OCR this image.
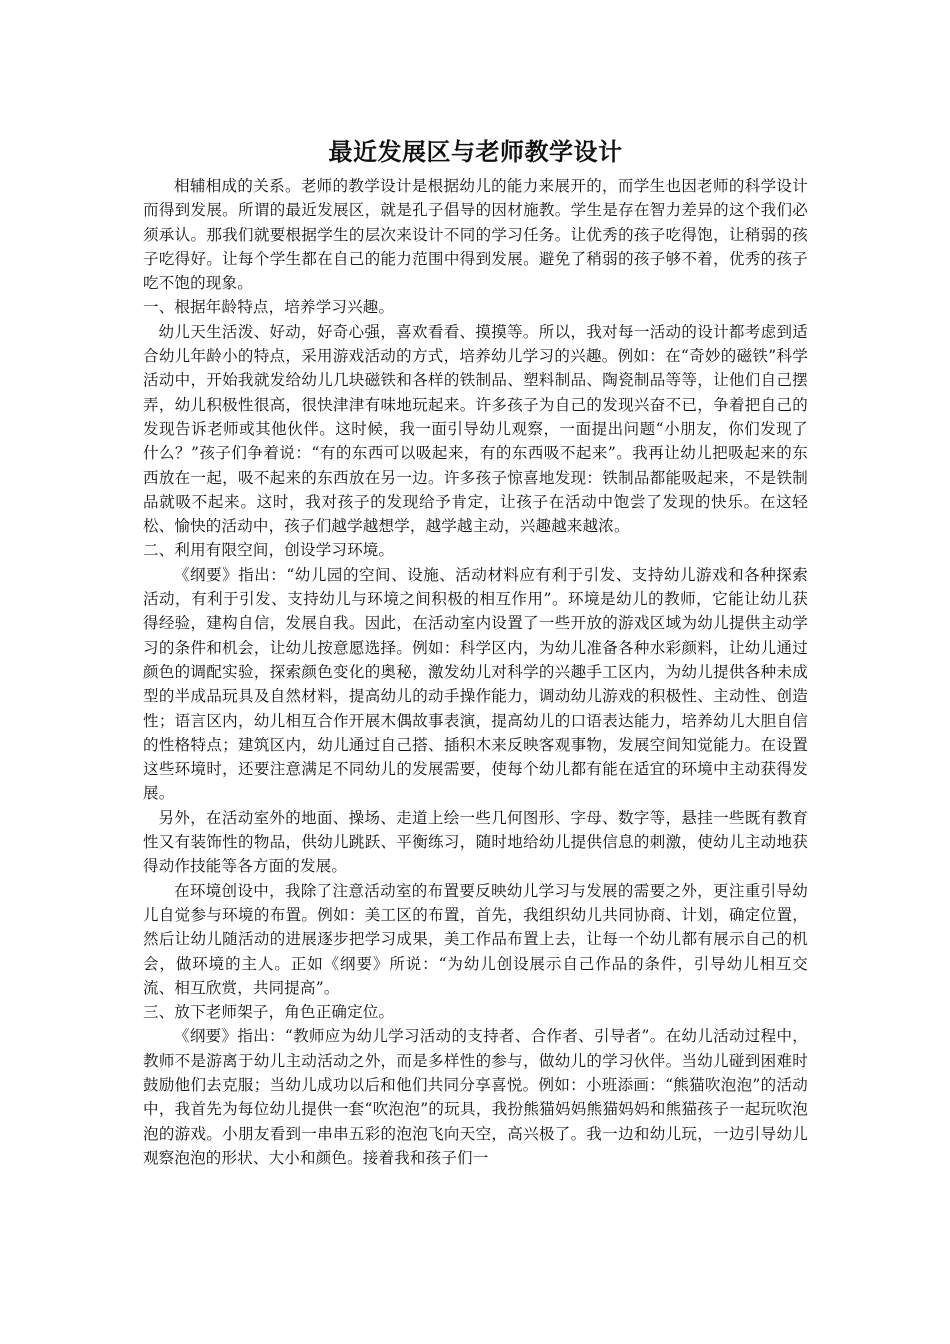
最近发展区与老师教学设计

相辅相成的关系。老师的教学设计是根据幼儿的能力来展开的，而学生也因老师的科学设计而得到发展。所谓的最近发展区，就是孔子倡导的因材施教。学生是存在智力差异的这个我们必须承认。那我们就要根据学生的层次来设计不同的学习任务。让优秀的孩子吃得饱，让稍弱的孩子吃得好。让每个学生都在自己的能力范围中得到发展。避免了稍弱的孩子够不着，优秀的孩子吃不饱的现象。

一、根据年龄特点，培养学习兴趣。

幼儿天生活泼、好动，好奇心强，喜欢看看、摸摸等。所以，我对每一活动的设计都考虑到适合幼儿年龄小的特点，采用游戏活动的方式，培养幼儿学习的兴趣。例如：在“奇妙的磁铁”科学活动中，开始我就发给幼儿几块磁铁和各样的铁制品、塑料制品、陶瓷制品等等，让他们自己摆弄，幼儿积极性很高，很快津津有味地玩起来。许多孩子为自己的发现兴奋不已，争着把自己的发现告诉老师或其他伙伴。这时候，我一面引导幼儿观察，一面提出问题“小朋友，你们发现了什么？”孩子们争着说：“有的东西可以吸起来，有的东西吸不起来”。我再让幼儿把吸起来的东西放在一起，吸不起来的东西放在另一边。许多孩子惊喜地发现：铁制品都能吸起来，不是铁制品就吸不起来。这时，我对孩子的发现给予肯定，让孩子在活动中饱尝了发现的快乐。在这轻松、愉快的活动中，孩子们越学越想学，越学越主动，兴趣越来越浓。

二、利用有限空间，创设学习环境。

《纲要》指出：“幼儿园的空间、设施、活动材料应有利于引发、支持幼儿游戏和各种探索活动，有利于引发、支持幼儿与环境之间积极的相互作用”。环境是幼儿的教师，它能让幼儿获得经验，建构自信，发展自我。因此，在活动室内设置了一些开放的游戏区域为幼儿提供主动学习的条件和机会，让幼儿按意愿选择。例如：科学区内，为幼儿准备各种水彩颜料，让幼儿通过颜色的调配实验，探索颜色变化的奥秘，激发幼儿对科学的兴趣手工区内，为幼儿提供各种未成型的半成品玩具及自然材料，提高幼儿的动手操作能力，调动幼儿游戏的积极性、主动性、创造性；语言区内，幼儿相互合作开展木偶故事表演，提高幼儿的口语表达能力，培养幼儿大胆自信的性格特点；建筑区内，幼儿通过自己搭、插积木来反映客观事物，发展空间知觉能力。在设置这些环境时，还要注意满足不同幼儿的发展需要，使每个幼儿都有能在适宜的环境中主动获得发展。

另外，在活动室外的地面、操场、走道上绘一些几何图形、字母、数字等，悬挂一些既有教育性又有装饰性的物品，供幼儿跳跃、平衡练习，随时地给幼儿提供信息的刺激，使幼儿主动地获得动作技能等各方面的发展。

在环境创设中，我除了注意活动室的布置要反映幼儿学习与发展的需要之外，更注重引导幼儿自觉参与环境的布置。例如：美工区的布置，首先，我组织幼儿共同协商、计划，确定位置，然后让幼儿随活动的进展逐步把学习成果，美工作品布置上去，让每一个幼儿都有展示自己的机会，做环境的主人。正如《纲要》所说：“为幼儿创设展示自己作品的条件，引导幼儿相互交流、相互欣赏，共同提高”。

三、放下老师架子，角色正确定位。

《纲要》指出：“教师应为幼儿学习活动的支持者、合作者、引导者”。在幼儿活动过程中，教师不是游离于幼儿主动活动之外，而是多样性的参与，做幼儿的学习伙伴。当幼儿碰到困难时鼓励他们去克服；当幼儿成功以后和他们共同分享喜悦。例如：小班添画：“熊猫吹泡泡”的活动中，我首先为每位幼儿提供一套“吹泡泡”的玩具，我扮熊猫妈妈熊猫妈妈和熊猫孩子一起玩吹泡泡的游戏。小朋友看到一串串五彩的泡泡飞向天空，高兴极了。我一边和幼儿玩，一边引导幼儿观察泡泡的形状、大小和颜色。接着我和孩子们一
